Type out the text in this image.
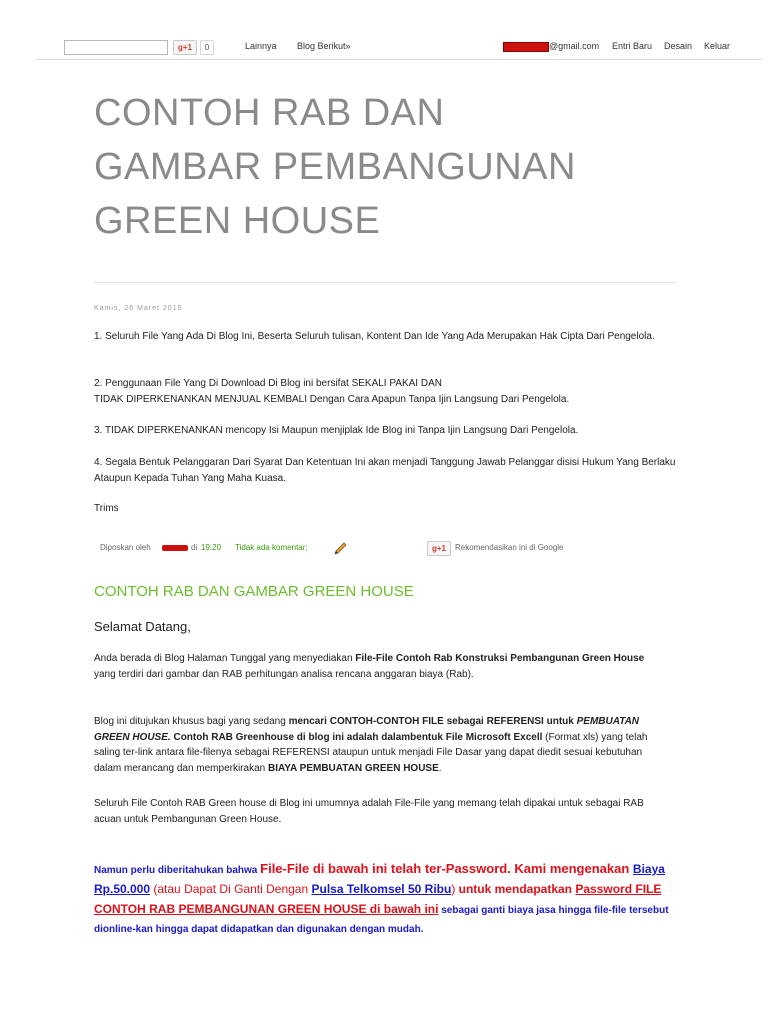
g+1	0	Lainnya Blog Berikut»	@gmail.com Entri Baru Desain Keluar
CONTOH RAB DAN
GAMBAR PEMBANGUNAN
GREEN HOUSE
Kamis, 26 Maret 2015

1. Seluruh File Yang Ada Di Blog Ini, Beserta Seluruh tulisan, Kontent Dan Ide Yang Ada Merupakan Hak Cipta Dari Pengelola.

2. Penggunaan File Yang Di Download Di Blog ini bersifat SEKALI PAKAI DAN
TIDAK DIPERKENANKAN MENJUAL KEMBALI Dengan Cara Apapun Tanpa Ijin Langsung Dari Pengelola.

3. TIDAK DIPERKENANKAN mencopy Isi Maupun menjiplak Ide Blog ini Tanpa Ijin Langsung Dari Pengelola.

4. Segala Bentuk Pelanggaran Dari Syarat Dan Ketentuan Ini akan menjadi Tanggung Jawab Pelanggar disisi Hukum Yang Berlaku Ataupun Kepada Tuhan Yang Maha Kuasa.

Trims

Diposkan oleh	di 19.20 Tidak ada komentar:	g+1	Rekomendasikan ini di Google
CONTOH RAB DAN GAMBAR GREEN HOUSE
Selamat Datang,

Anda berada di Blog Halaman Tunggal yang menyediakan File-File Contoh Rab Konstruksi Pembangunan Green House yang terdiri dari gambar dan RAB perhitungan analisa rencana anggaran biaya (Rab).

Blog ini ditujukan khusus bagi yang sedang mencari CONTOH-CONTOH FILE sebagai REFERENSI untuk PEMBUATAN GREEN HOUSE. Contoh RAB Greenhouse di blog ini adalah dalambentuk File Microsoft Excell (Format xls) yang telah saling ter-link antara file-filenya sebagai REFERENSI ataupun untuk menjadi File Dasar yang dapat diedit sesuai kebutuhan dalam merancang dan memperkirakan BIAYA PEMBUATAN GREEN HOUSE.

Seluruh File Contoh RAB Green house di Blog ini umumnya adalah File-File yang memang telah dipakai untuk sebagai RAB acuan untuk Pembangunan Green House.

Namun perlu diberitahukan bahwa File-File di bawah ini telah ter-Password. Kami mengenakan Biaya Rp.50.000 (atau Dapat Di Ganti Dengan Pulsa Telkomsel 50 Ribu) untuk mendapatkan Password FILE CONTOH RAB PEMBANGUNAN GREEN HOUSE di bawah ini sebagai ganti biaya jasa hingga file-file tersebut dionline-kan hingga dapat didapatkan dan digunakan dengan mudah.
